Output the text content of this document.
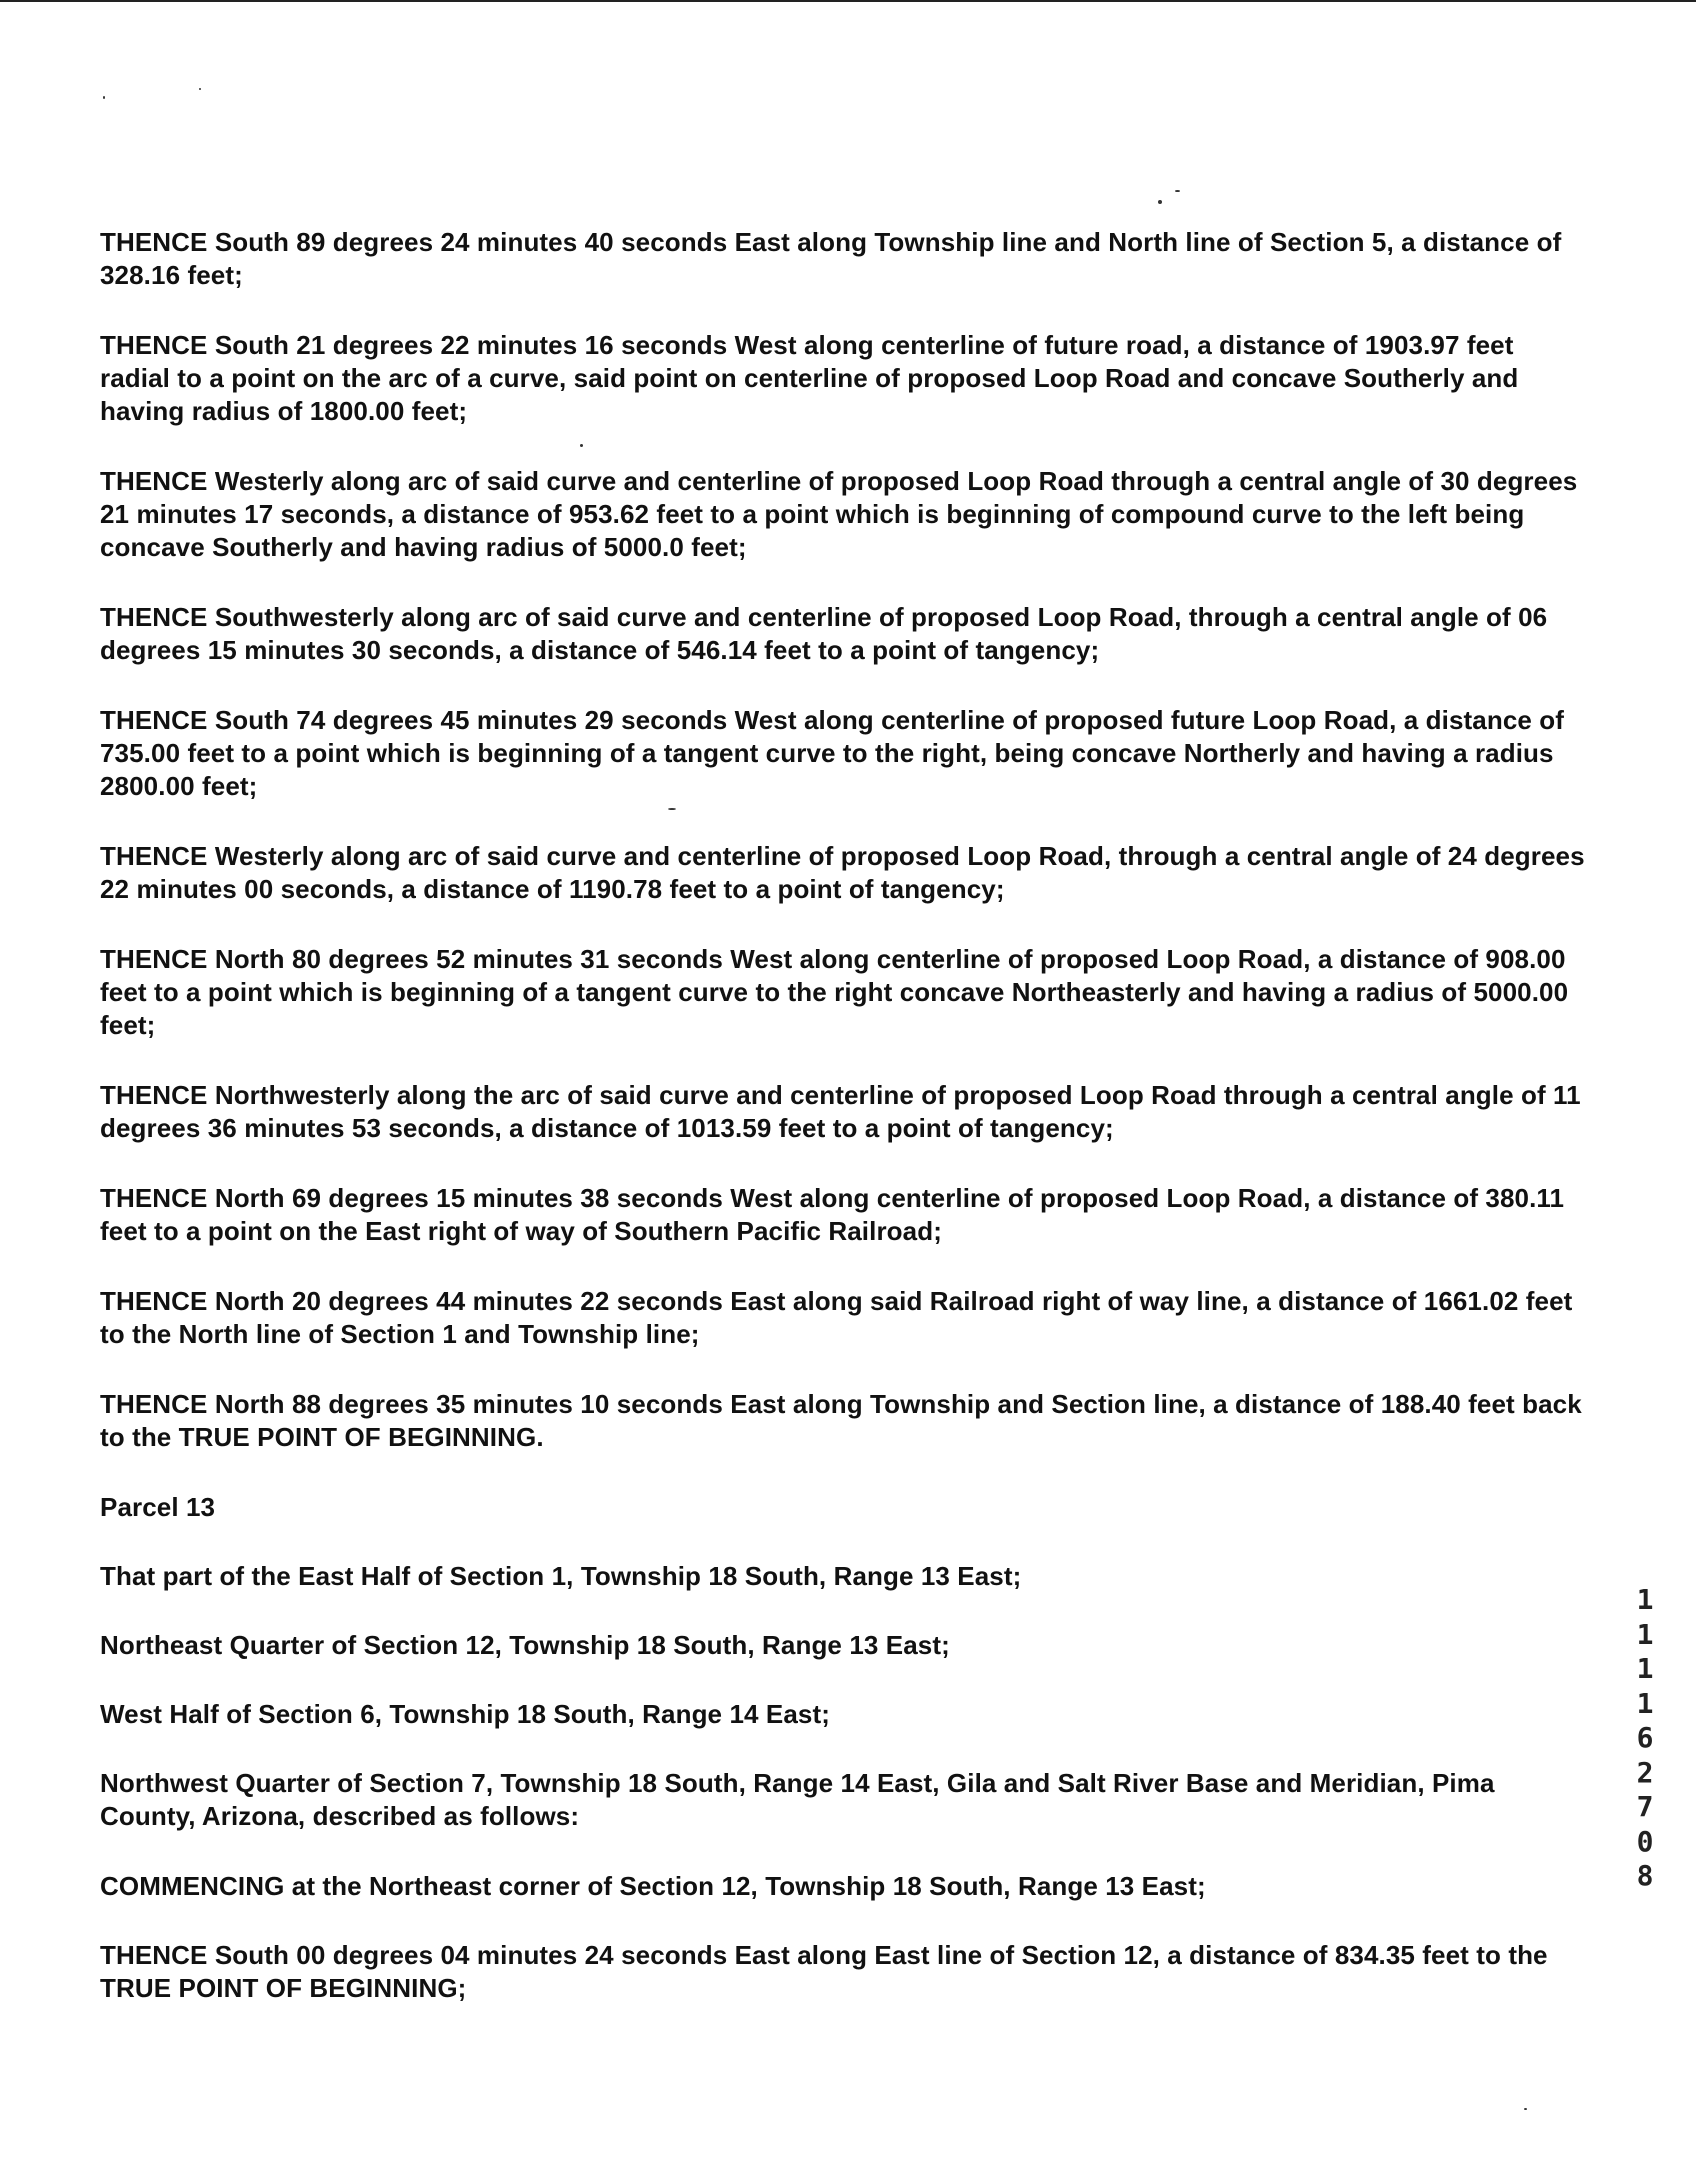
THENCE South 89 degrees 24 minutes 40 seconds East along Township line and North line of Section 5, a distance of 328.16 feet;

THENCE South 21 degrees 22 minutes 16 seconds West along centerline of future road, a distance of 1903.97 feet radial to a point on the arc of a curve, said point on centerline of proposed Loop Road and concave Southerly and having radius of 1800.00 feet;

THENCE Westerly along arc of said curve and centerline of proposed Loop Road through a central angle of 30 degrees 21 minutes 17 seconds, a distance of 953.62 feet to a point which is beginning of compound curve to the left being concave Southerly and having radius of 5000.0 feet;

THENCE Southwesterly along arc of said curve and centerline of proposed Loop Road, through a central angle of 06 degrees 15 minutes 30 seconds, a distance of 546.14 feet to a point of tangency;

THENCE South 74 degrees 45 minutes 29 seconds West along centerline of proposed future Loop Road, a distance of 735.00 feet to a point which is beginning of a tangent curve to the right, being concave Northerly and having a radius 2800.00 feet;

THENCE Westerly along arc of said curve and centerline of proposed Loop Road, through a central angle of 24 degrees 22 minutes 00 seconds, a distance of 1190.78 feet to a point of tangency;

THENCE North 80 degrees 52 minutes 31 seconds West along centerline of proposed Loop Road, a distance of 908.00 feet to a point which is beginning of a tangent curve to the right concave Northeasterly and having a radius of 5000.00 feet;

THENCE Northwesterly along the arc of said curve and centerline of proposed Loop Road through a central angle of 11 degrees 36 minutes 53 seconds, a distance of 1013.59 feet to a point of tangency;

THENCE North 69 degrees 15 minutes 38 seconds West along centerline of proposed Loop Road, a distance of 380.11 feet to a point on the East right of way of Southern Pacific Railroad;

THENCE North 20 degrees 44 minutes 22 seconds East along said Railroad right of way line, a distance of 1661.02 feet to the North line of Section 1 and Township line;

THENCE North 88 degrees 35 minutes 10 seconds East along Township and Section line, a distance of 188.40 feet back to the TRUE POINT OF BEGINNING.

Parcel 13

That part of the East Half of Section 1, Township 18 South, Range 13 East;

Northeast Quarter of Section 12, Township 18 South, Range 13 East;

West Half of Section 6, Township 18 South, Range 14 East;

Northwest Quarter of Section 7, Township 18 South, Range 14 East, Gila and Salt River Base and Meridian, Pima County, Arizona, described as follows:

COMMENCING at the Northeast corner of Section 12, Township 18 South, Range 13 East;

THENCE South 00 degrees 04 minutes 24 seconds East along East line of Section 12, a distance of 834.35 feet to the TRUE POINT OF BEGINNING;

1
1
1
1
6
2
7
0
8
